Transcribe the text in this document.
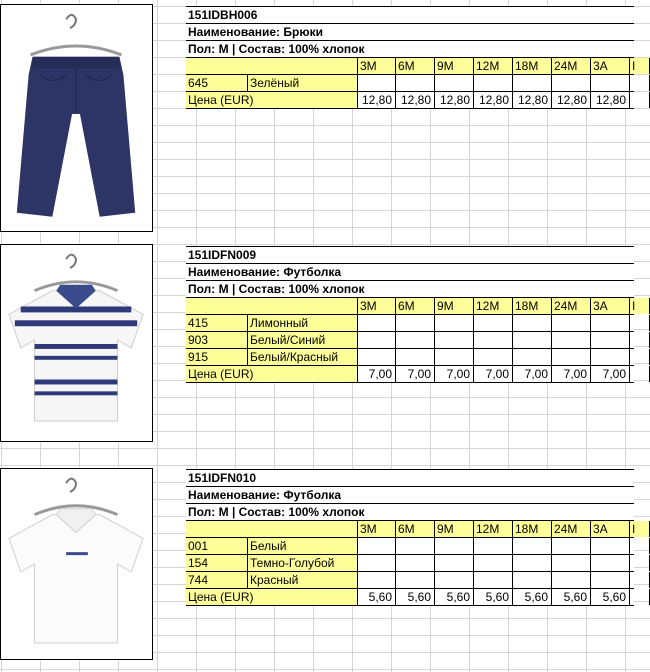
151IDBH006
Наименование: Брюки
Пол: М | Состав: 100% хлопок
3M	6M	9M	12M	18M	24M	3A	I
645	Зелёный
Цена (EUR)	12,80 12,80 12,80 12,80 12,80 12,80 12,80
151IDFN009
Наименование: Футболка
Пол: М | Состав: 100% хлопок
3M	6M	9M	12M	18M	24M	3A	I
415	Лимонный
903	Белый/Синий
915	Белый/Красный
Цена (EUR)	7,00	7,00	7,00	7,00	7,00	7,00	7,00
151IDFN010
Наименование: Футболка
Пол: М | Состав: 100% хлопок
3M	6M	9M	12M	18M	24M	3A	I
001	Белый
154	Темно-Голубой
744	Красный
Цена (EUR)	5,60	5,60	5,60	5,60	5,60	5,60	5,60
